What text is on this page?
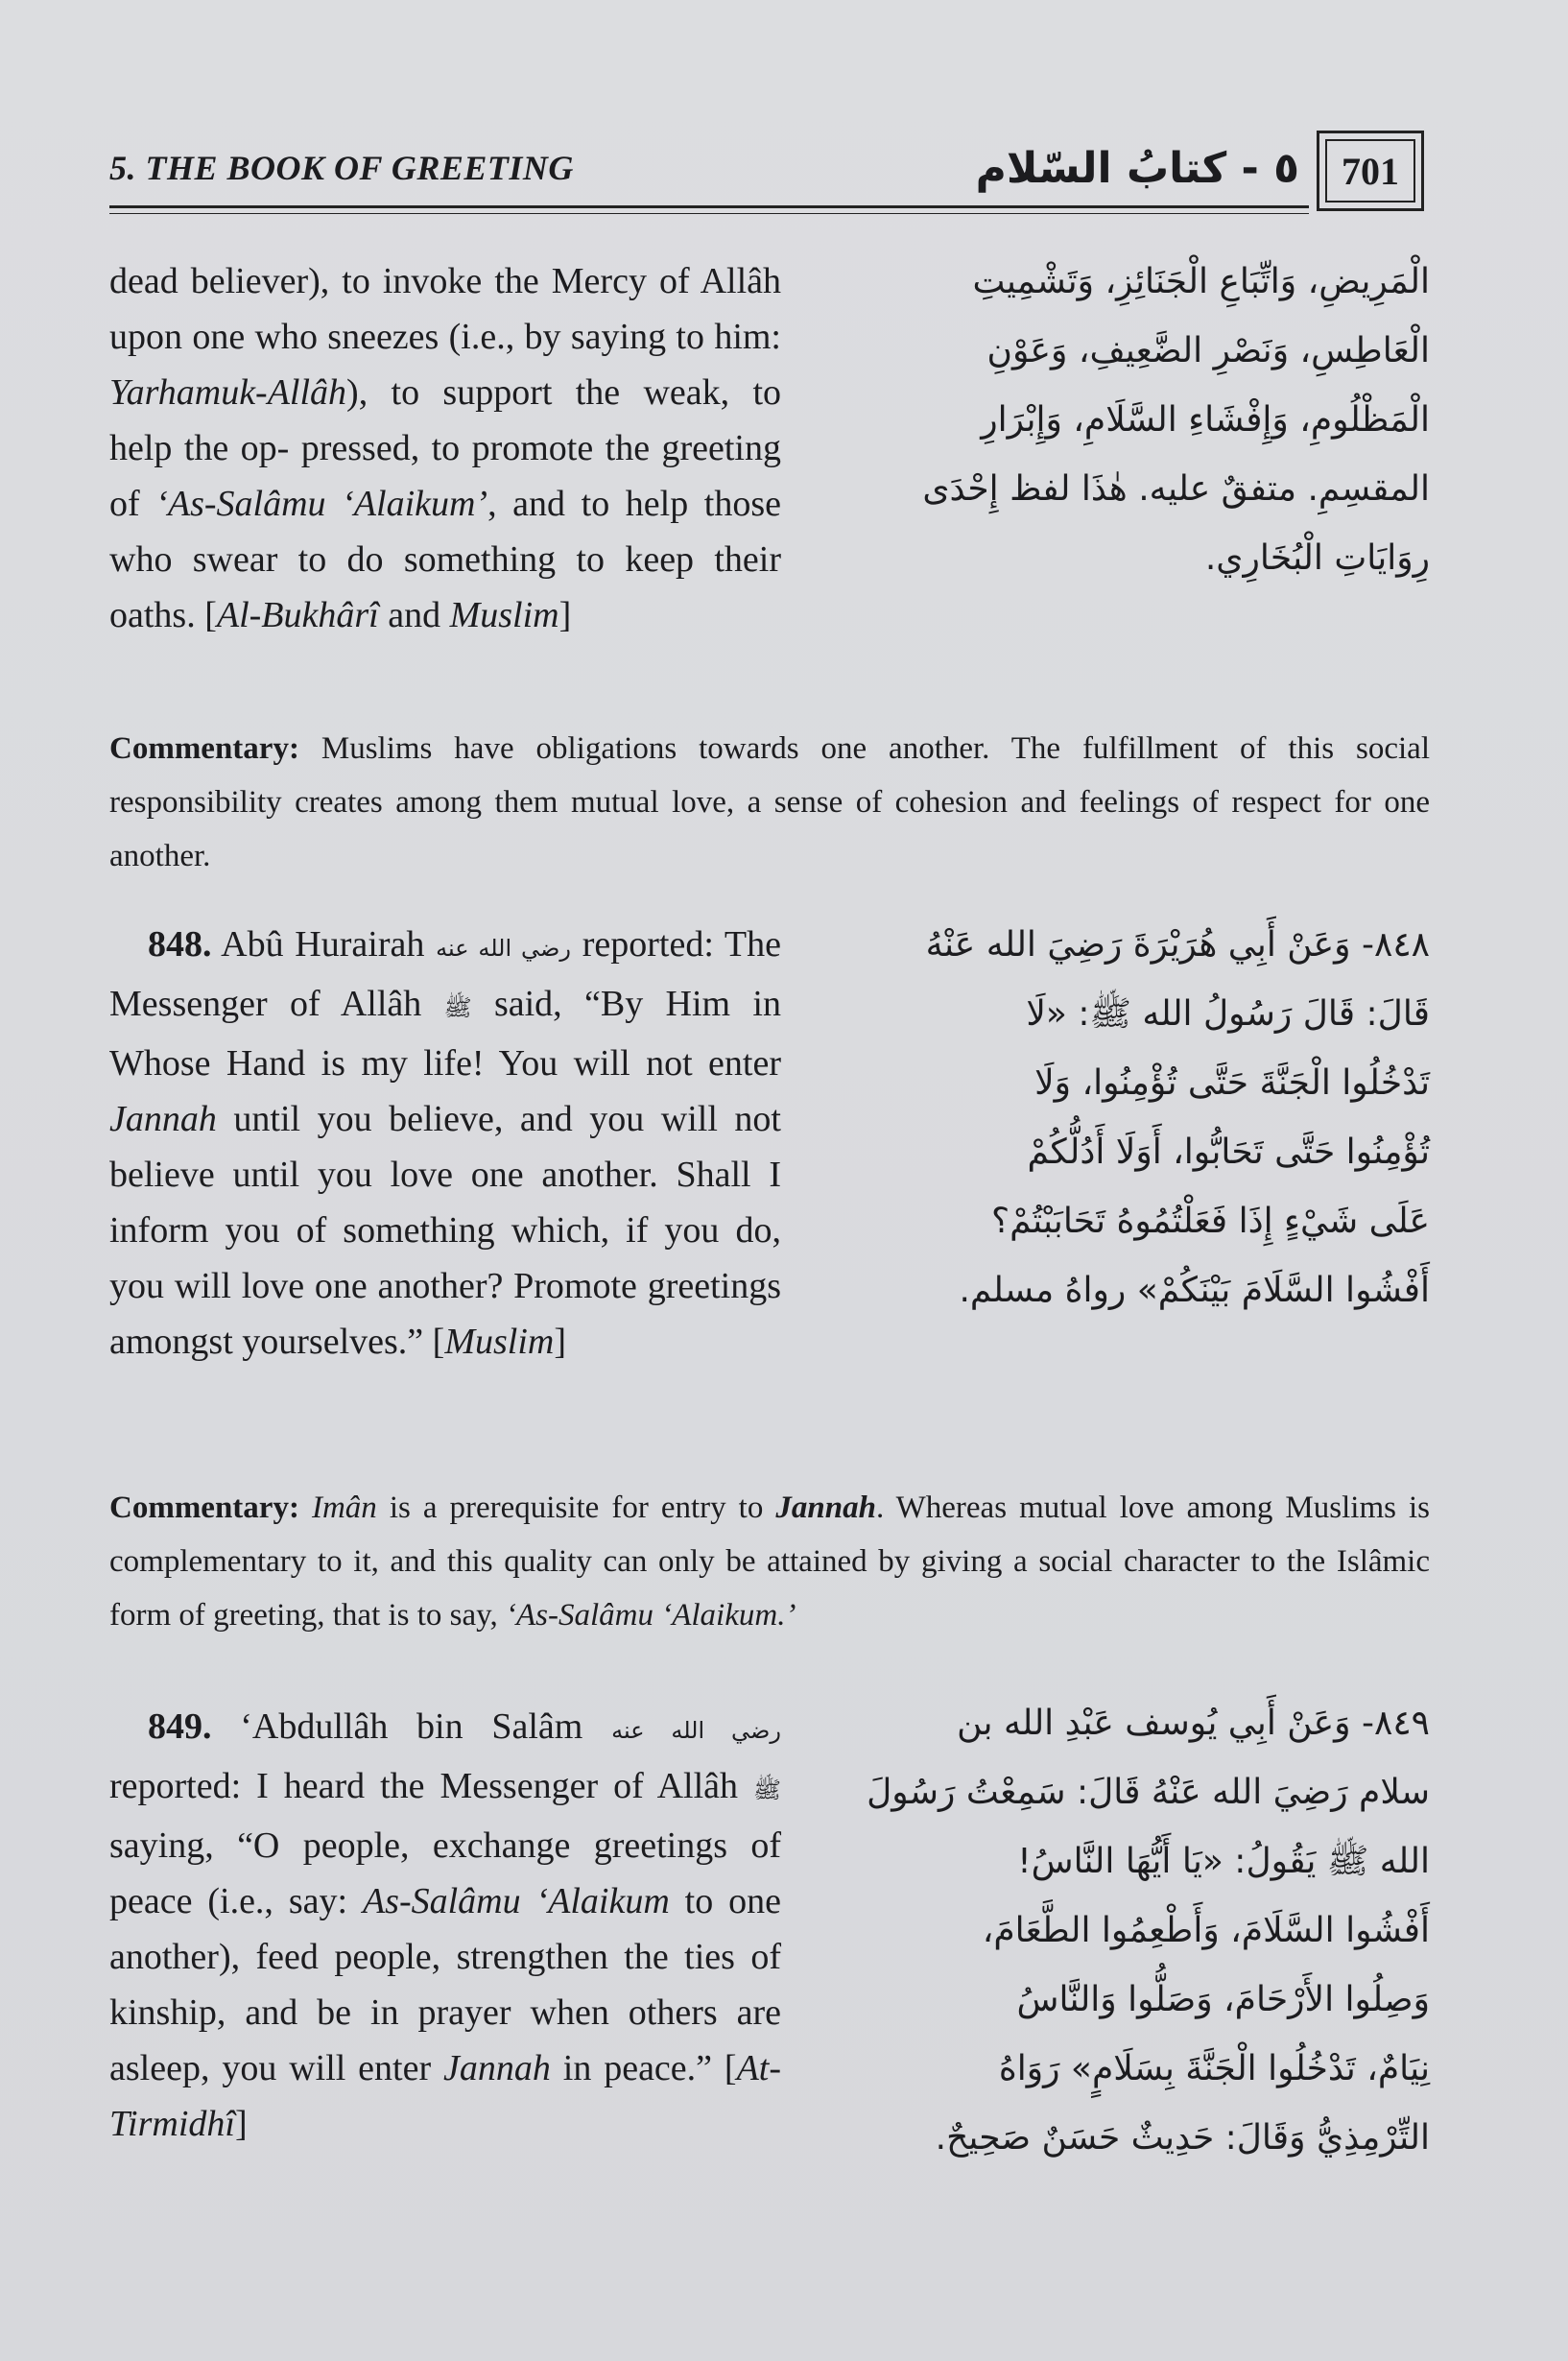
5. THE BOOK OF GREETING	٥ - كتابُ السّلام	701

dead believer), to invoke the Mercy of Allâh upon one who sneezes (i.e., by saying to him: Yarhamuk-Allâh), to support the weak, to help the op- pressed, to promote the greeting of ‘As-Salâmu ‘Alaikum’, and to help those who swear to do something to keep their oaths. [Al-Bukhârî and Muslim]

الْمَرِيضِ، وَاتِّبَاعِ الْجَنَائِزِ، وَتَشْمِيتِ
الْعَاطِسِ، وَنَصْرِ الضَّعِيفِ، وَعَوْنِ
الْمَظْلُومِ، وَإِفْشَاءِ السَّلَامِ، وَإِبْرَارِ
المقسِمِ. متفقٌ عليه. هٰذَا لفظ إِحْدَى
رِوَايَاتِ الْبُخَارِي.
Commentary: Muslims have obligations towards one another. The fulfillment of this social responsibility creates among them mutual love, a sense of cohesion and feelings of respect for one another.

848. Abû Hurairah رضي الله عنه reported: The Messenger of Allâh ﷺ said, “By Him in Whose Hand is my life! You will not enter Jannah until you believe, and you will not believe until you love one another. Shall I inform you of something which, if you do, you will love one another? Promote greetings amongst yourselves.” [Muslim]

٨٤٨- وَعَنْ أَبِي هُرَيْرَةَ رَضِيَ الله عَنْهُ
قَالَ: قَالَ رَسُولُ الله ﷺ: «لَا
تَدْخُلُوا الْجَنَّةَ حَتَّى تُؤْمِنُوا، وَلَا
تُؤْمِنُوا حَتَّى تَحَابُّوا، أَوَلَا أَدُلُّكُمْ
عَلَى شَيْءٍ إِذَا فَعَلْتُمُوهُ تَحَابَبْتُمْ؟
أَفْشُوا السَّلَامَ بَيْنَكُمْ» رواهُ مسلم.
Commentary: Imân is a prerequisite for entry to Jannah. Whereas mutual love among Muslims is complementary to it, and this quality can only be attained by giving a social character to the Islâmic form of greeting, that is to say, ‘As-Salâmu ‘Alaikum.’

849. ‘Abdullâh bin Salâm رضي الله عنه reported: I heard the Messenger of Allâh ﷺ saying, “O people, exchange greetings of peace (i.e., say: As-Salâmu ‘Alaikum to one another), feed people, strengthen the ties of kinship, and be in prayer when others are asleep, you will enter Jannah in peace.” [At-Tirmidhî]

٨٤٩- وَعَنْ أَبِي يُوسف عَبْدِ الله بن
سلام رَضِيَ الله عَنْهُ قَالَ: سَمِعْتُ رَسُولَ
الله ﷺ يَقُولُ: «يَا أَيُّهَا النَّاسُ!
أَفْشُوا السَّلَامَ، وَأَطْعِمُوا الطَّعَامَ،
وَصِلُوا الأَرْحَامَ، وَصَلُّوا وَالنَّاسُ
نِيَامٌ، تَدْخُلُوا الْجَنَّةَ بِسَلَامٍ» رَوَاهُ
التِّرْمِذِيُّ وَقَالَ: حَدِيثٌ حَسَنٌ صَحِيحٌ.
